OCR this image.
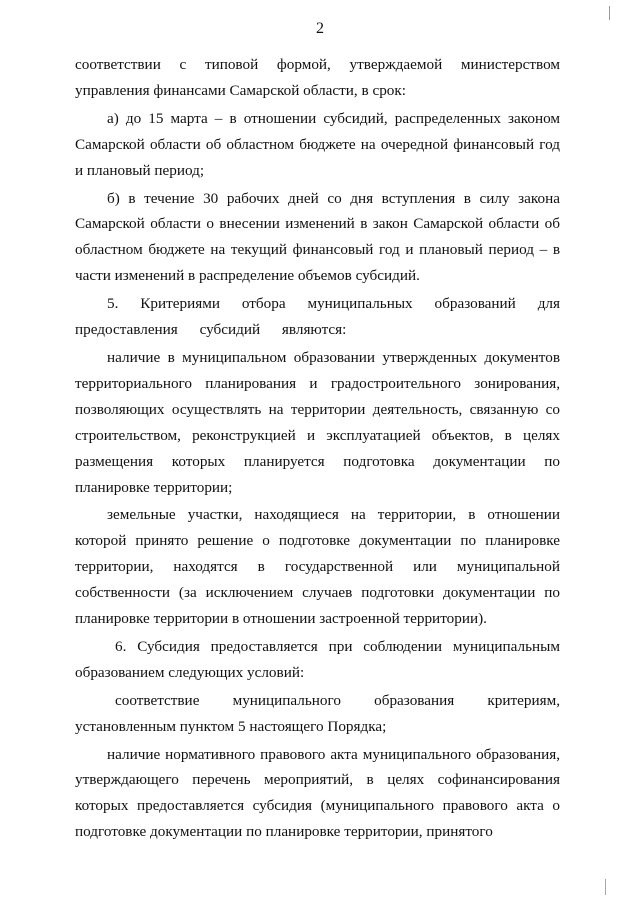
2

соответствии с типовой формой, утверждаемой министерством управления финансами Самарской области, в срок:

а) до 15 марта – в отношении субсидий, распределенных законом Самарской области об областном бюджете на очередной финансовый год и плановый период;

б) в течение 30 рабочих дней со дня вступления в силу закона Самарской области о внесении изменений в закон Самарской области об областном бюджете на текущий финансовый год и плановый период – в части изменений в распределение объемов субсидий.

5. Критериями отбора муниципальных образований для предоставления субсидий являются:

наличие в муниципальном образовании утвержденных документов территориального планирования и градостроительного зонирования, позволяющих осуществлять на территории деятельность, связанную со строительством, реконструкцией и эксплуатацией объектов, в целях размещения которых планируется подготовка документации по планировке территории;

земельные участки, находящиеся на территории, в отношении которой принято решение о подготовке документации по планировке территории, находятся в государственной или муниципальной собственности (за исключением случаев подготовки документации по планировке территории в отношении застроенной территории).

6. Субсидия предоставляется при соблюдении муниципальным образованием следующих условий:

соответствие муниципального образования критериям, установленным пунктом 5 настоящего Порядка;

наличие нормативного правового акта муниципального образования, утверждающего перечень мероприятий, в целях софинансирования которых предоставляется субсидия (муниципального правового акта о подготовке документации по планировке территории, принятого
